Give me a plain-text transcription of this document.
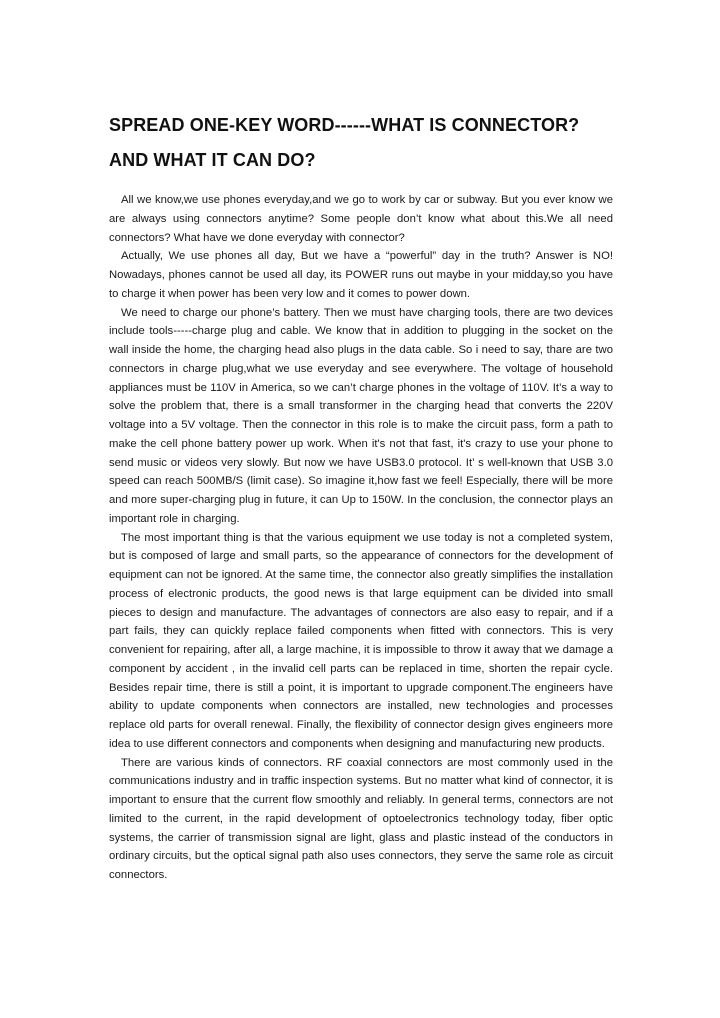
SPREAD ONE-KEY WORD------WHAT IS CONNECTOR?
AND WHAT IT CAN DO?

All we know,we use phones everyday,and we go to work by car or subway. But you ever know we are always using connectors anytime? Some people don’t know what about this.We all need connectors? What have we done everyday with connector?

Actually, We use phones all day, But we have a “powerful” day in the truth? Answer is NO! Nowadays, phones cannot be used all day, its POWER runs out maybe in your midday,so you have to charge it when power has been very low and it comes to power down.

We need to charge our phone’s battery. Then we must have charging tools, there are two devices include tools-----charge plug and cable. We know that in addition to plugging in the socket on the wall inside the home, the charging head also plugs in the data cable. So i need to say, thare are two connectors in charge plug,what we use everyday and see everywhere. The voltage of household appliances must be 110V in America, so we can’t charge phones in the voltage of 110V. It’s a way to solve the problem that, there is a small transformer in the charging head that converts the 220V voltage into a 5V voltage. Then the connector in this role is to make the circuit pass, form a path to make the cell phone battery power up work. When it's not that fast, it's crazy to use your phone to send music or videos very slowly. But now we have USB3.0 protocol. It’ s well-known that USB 3.0 speed can reach 500MB/S (limit case). So imagine it,how fast we feel! Especially, there will be more and more super-charging plug in future, it can Up to 150W. In the conclusion, the connector plays an important role in charging.

The most important thing is that the various equipment we use today is not a completed system, but is composed of large and small parts, so the appearance of connectors for the development of equipment can not be ignored. At the same time, the connector also greatly simplifies the installation process of electronic products, the good news is that large equipment can be divided into small pieces to design and manufacture. The advantages of connectors are also easy to repair, and if a part fails, they can quickly replace failed components when fitted with connectors. This is very convenient for repairing, after all, a large machine, it is impossible to throw it away that we damage a component by accident , in the invalid cell parts can be replaced in time, shorten the repair cycle. Besides repair time, there is still a point, it is important to upgrade component.The engineers have ability to update components when connectors are installed, new technologies and processes replace old parts for overall renewal. Finally, the flexibility of connector design gives engineers more idea to use different connectors and components when designing and manufacturing new products.

There are various kinds of connectors. RF coaxial connectors are most commonly used in the communications industry and in traffic inspection systems. But no matter what kind of connector, it is important to ensure that the current flow smoothly and reliably. In general terms, connectors are not limited to the current, in the rapid development of optoelectronics technology today, fiber optic systems, the carrier of transmission signal are light, glass and plastic instead of the conductors in ordinary circuits, but the optical signal path also uses connectors, they serve the same role as circuit connectors.
